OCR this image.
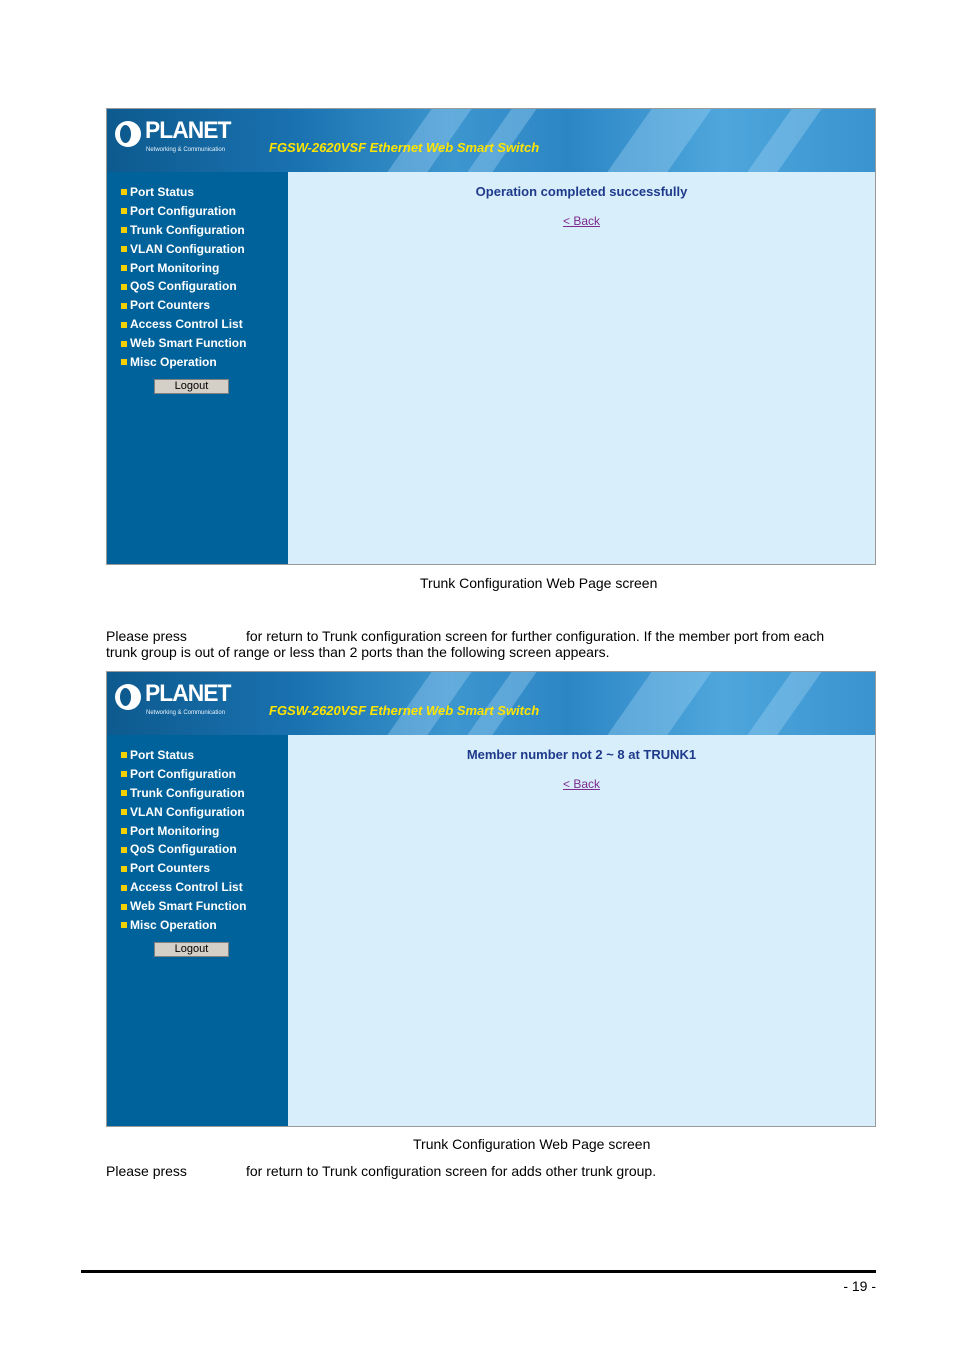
PLANET
Networking & Communication	FGSW-2620VSF Ethernet Web Smart Switch
Port Status
Port Configuration
Trunk Configuration
VLAN Configuration
Port Monitoring
QoS Configuration
Port Counters
Access Control List
Web Smart Function
Misc Operation
Logout
Operation completed successfully
< Back
Trunk Configuration Web Page screen
Please press	for return to Trunk configuration screen for further configuration. If the member port from each
trunk group is out of range or less than 2 ports than the following screen appears.
PLANET
Networking & Communication	FGSW-2620VSF Ethernet Web Smart Switch
Port Status
Port Configuration
Trunk Configuration
VLAN Configuration
Port Monitoring
QoS Configuration
Port Counters
Access Control List
Web Smart Function
Misc Operation
Logout
Member number not 2 ~ 8 at TRUNK1
< Back
Trunk Configuration Web Page screen
Please press	for return to Trunk configuration screen for adds other trunk group.
- 19 -
